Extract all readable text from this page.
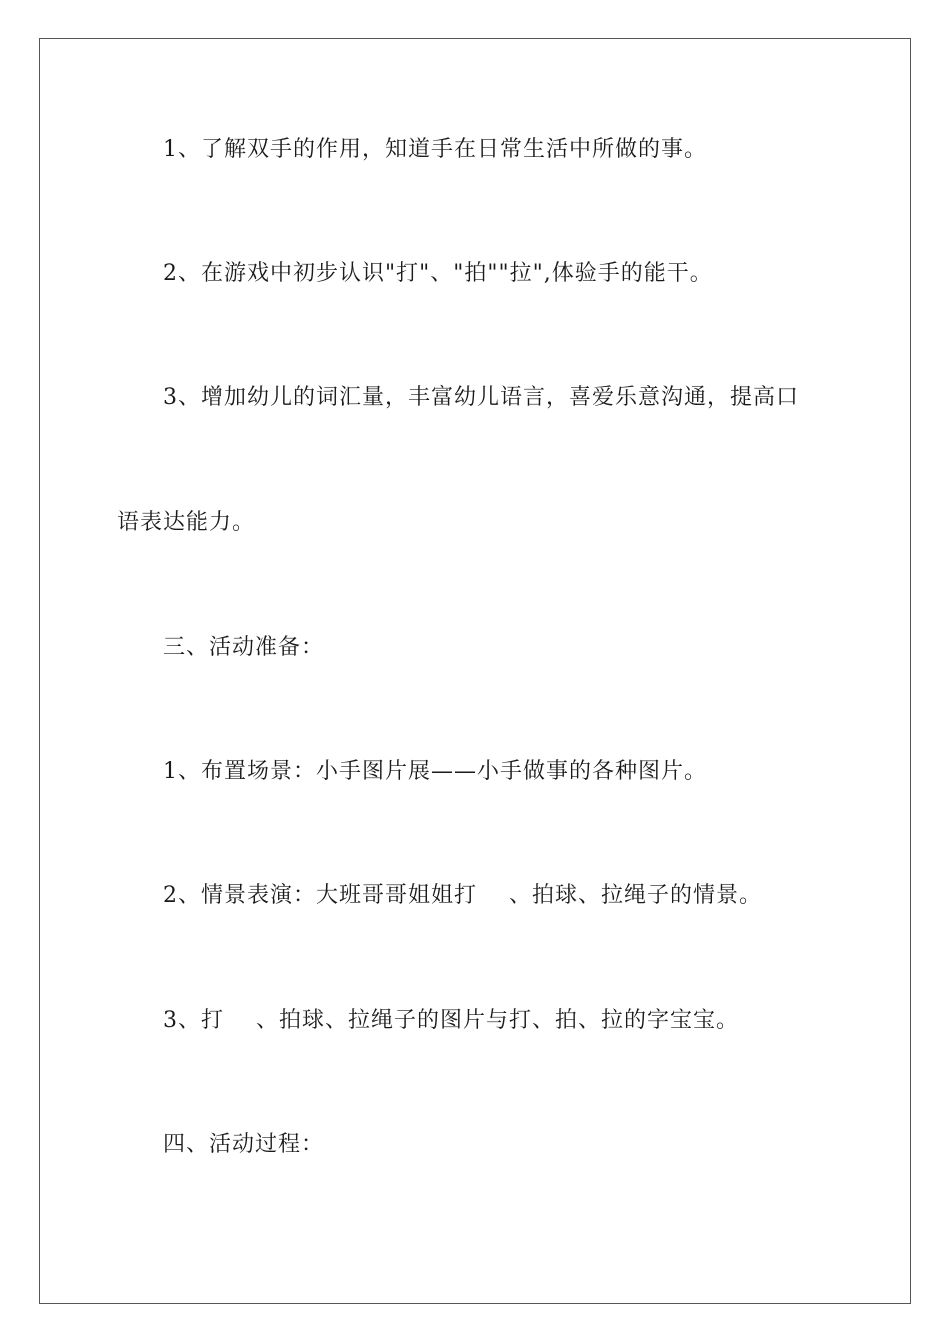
1、了解双手的作用，知道手在日常生活中所做的事。
2、在游戏中初步认识"打"、"拍""拉",体验手的能干。
3、增加幼儿的词汇量，丰富幼儿语言，喜爱乐意沟通，提高口
语表达能力。
三、活动准备：
1、布置场景：小手图片展——小手做事的各种图片。
2、情景表演：大班哥哥姐姐打    、拍球、拉绳子的情景。
3、打    、拍球、拉绳子的图片与打、拍、拉的字宝宝。
四、活动过程：
